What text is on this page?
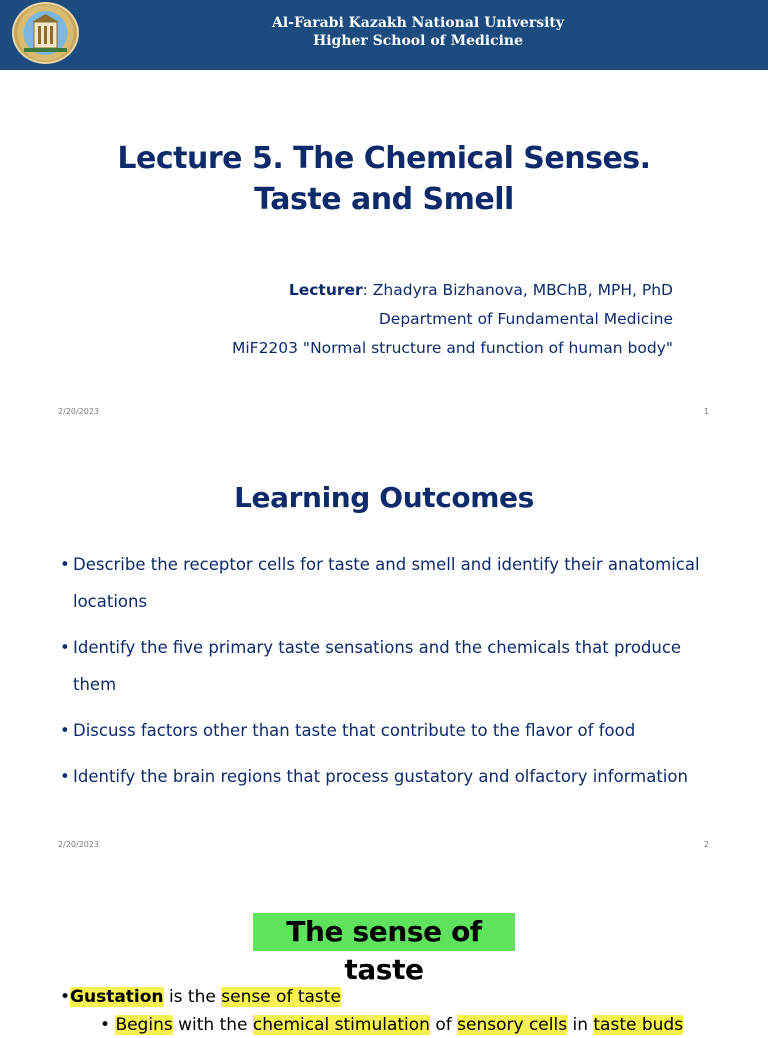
Al-Farabi Kazakh National University
Higher School of Medicine
Lecture 5. The Chemical Senses.
Taste and Smell
Lecturer: Zhadyra Bizhanova, MBChB, MPH, PhD
Department of Fundamental Medicine
MiF2203 "Normal structure and function of human body"
2/20/2023	1
Learning Outcomes
• Describe the receptor cells for taste and smell and identify their anatomical locations
• Identify the five primary taste sensations and the chemicals that produce them
• Discuss factors other than taste that contribute to the flavor of food
• Identify the brain regions that process gustatory and olfactory information
2/20/2023	2
The sense of taste
•Gustation is the sense of taste
• Begins with the chemical stimulation of sensory cells in taste buds
